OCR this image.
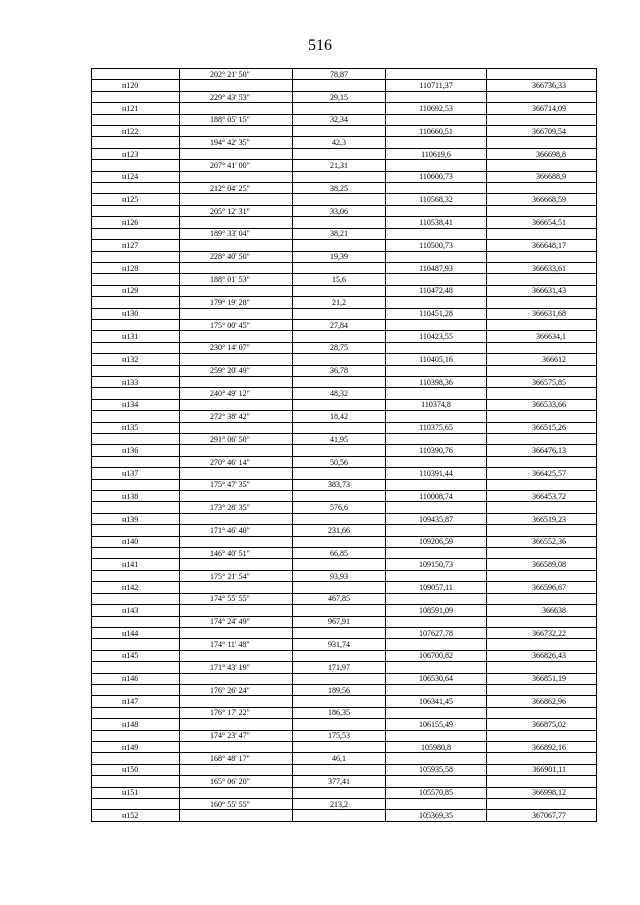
516
	202° 21' 50"	78,87		
н120			110711,37	366736,33
	229° 43' 53"	29,15		
н121			110692,53	366714,09
	188° 05' 15"	32,34		
н122			110660,51	366709,54
	194° 42' 35"	42,3		
н123			110619,6	366698,8
	207° 41' 00"	21,31		
н124			110600,73	366688,9
	212° 04' 25"	38,25		
н125			110568,32	366668,59
	205° 12' 31"	33,06		
н126			110538,41	366654,51
	189° 33' 04"	38,21		
н127			110500,73	366648,17
	228° 40' 50"	19,39		
н128			110487,93	366633,61
	188° 01' 53"	15,6		
н129			110472,48	366631,43
	179° 19' 28"	21,2		
н130			110451,28	366631,68
	175° 00' 45"	27,84		
н131			110423,55	366634,1
	230° 14' 07"	28,75		
н132			110405,16	366612
	259° 20' 49"	36,78		
н133			110398,36	366575,85
	240° 49' 12"	48,32		
н134			110374,8	366533,66
	272° 38' 42"	18,42		
н135			110375,65	366515,26
	291° 06' 50"	41,95		
н136			110390,76	366476,13
	270° 46' 14"	50,56		
н137			110391,44	366425,57
	175° 47' 35"	383,73		
н138			110008,74	366453,72
	173° 28' 35"	576,6		
н139			109435,87	366519,23
	171° 46' 40"	231,66		
н140			109206,59	366552,36
	146° 40' 51"	66,85		
н141			109150,73	366589,08
	175° 21' 54"	93,93		
н142			109057,11	366596,67
	174° 55' 55"	467,85		
н143			108591,09	366638
	174° 24' 49"	967,91		
н144			107627,78	366732,22
	174° 11' 48"	931,74		
н145			106700,82	366826,43
	171° 43' 19"	171,97		
н146			106530,64	366851,19
	176° 26' 24"	189,56		
н147			106341,45	366862,96
	176° 17' 22"	186,35		
н148			106155,49	366875,02
	174° 23' 47"	175,53		
н149			105980,8	366892,16
	168° 48' 17"	46,1		
н150			105935,58	366901,11
	165° 06' 20"	377,41		
н151			105570,85	366998,12
	160° 55' 55"	213,2		
н152			105369,35	367067,77
